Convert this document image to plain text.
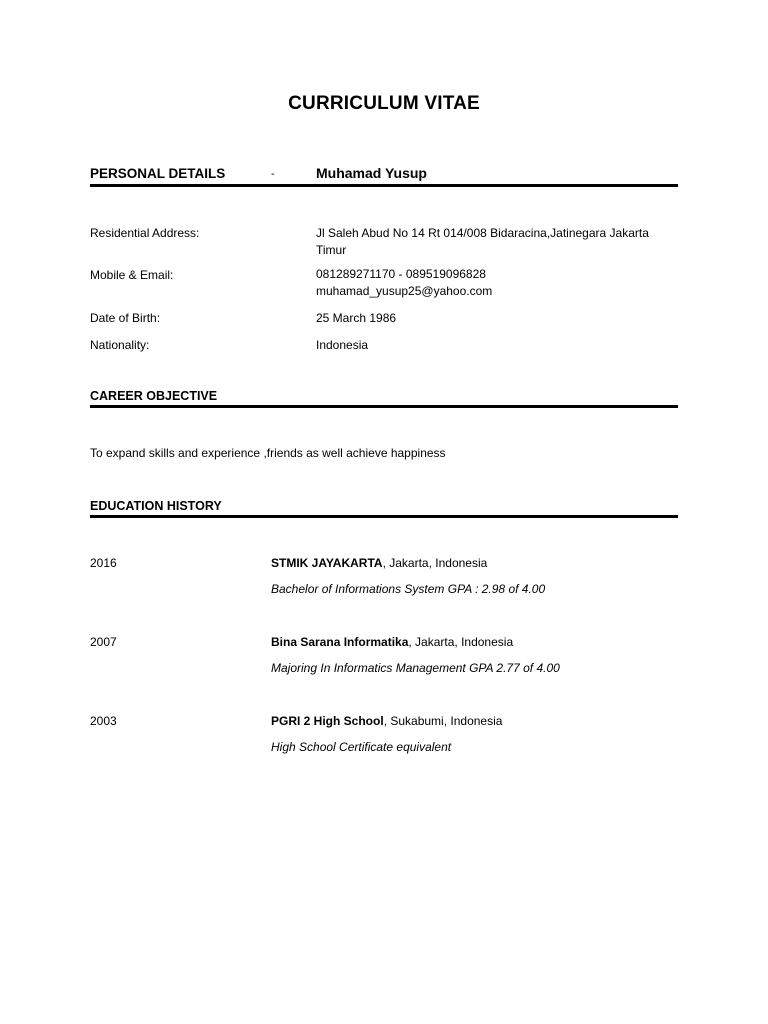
CURRICULUM VITAE
PERSONAL DETAILS	-	Muhamad Yusup
Residential Address:	Jl Saleh Abud No 14 Rt 014/008 Bidaracina,Jatinegara Jakarta
Timur
Mobile & Email:	081289271170 - 089519096828
muhamad_yusup25@yahoo.com
Date of Birth:	25 March 1986
Nationality:	Indonesia
CAREER OBJECTIVE
To expand skills and experience ,friends as well achieve happiness
EDUCATION HISTORY
2016	STMIK JAYAKARTA, Jakarta, Indonesia
Bachelor of Informations System GPA : 2.98 of 4.00
2007	Bina Sarana Informatika, Jakarta, Indonesia
Majoring In Informatics Management GPA 2.77 of 4.00
2003	PGRI 2 High School, Sukabumi, Indonesia
High School Certificate equivalent
